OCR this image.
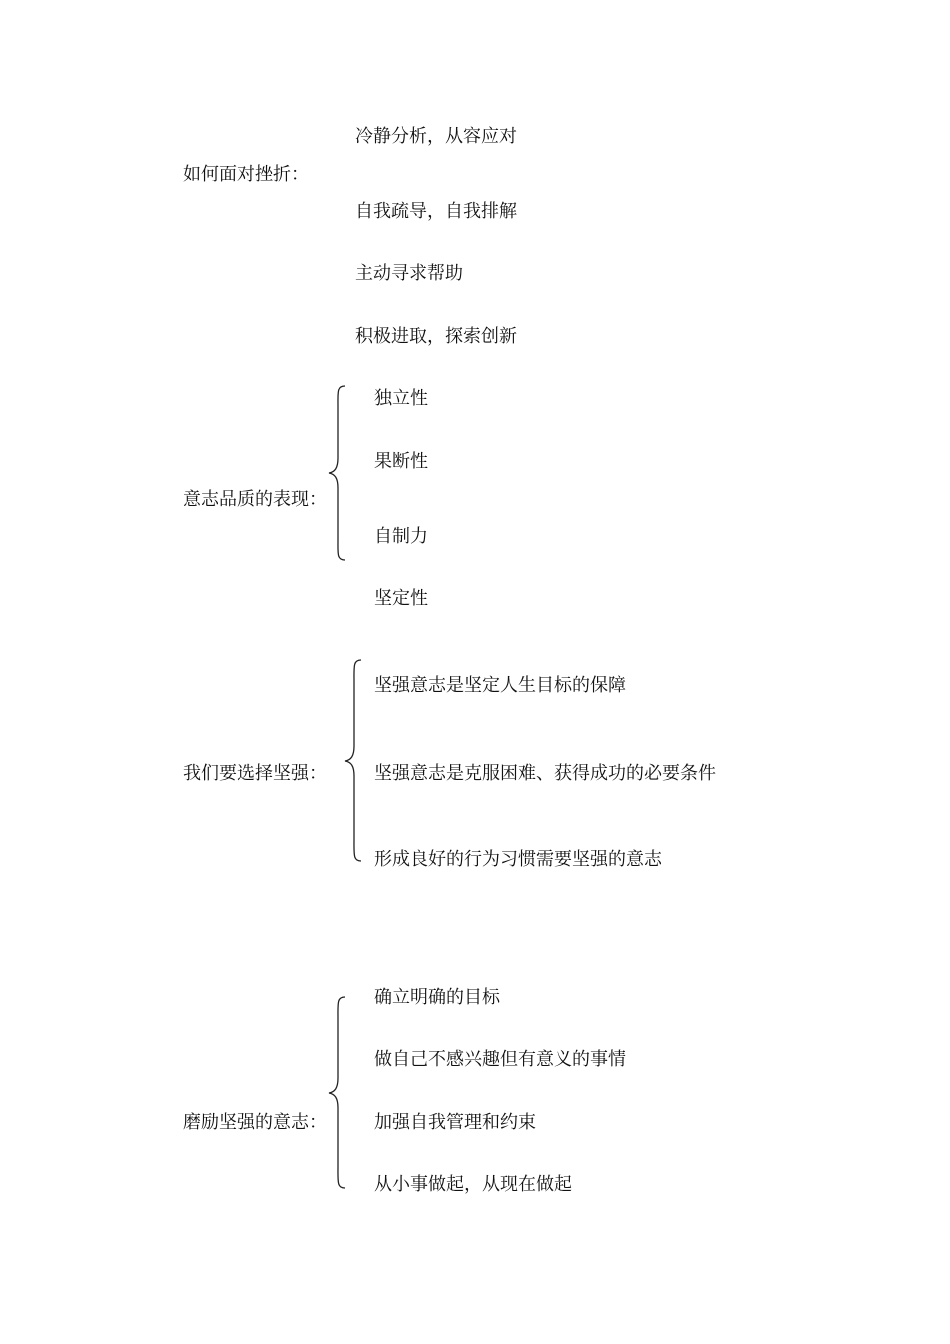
如何面对挫折：
冷静分析，从容应对
自我疏导，自我排解
主动寻求帮助
积极进取，探索创新
意志品质的表现：
独立性
果断性
自制力
坚定性
我们要选择坚强：
坚强意志是坚定人生目标的保障
坚强意志是克服困难、获得成功的必要条件
形成良好的行为习惯需要坚强的意志
磨励坚强的意志：
确立明确的目标
做自己不感兴趣但有意义的事情
加强自我管理和约束
从小事做起，从现在做起
